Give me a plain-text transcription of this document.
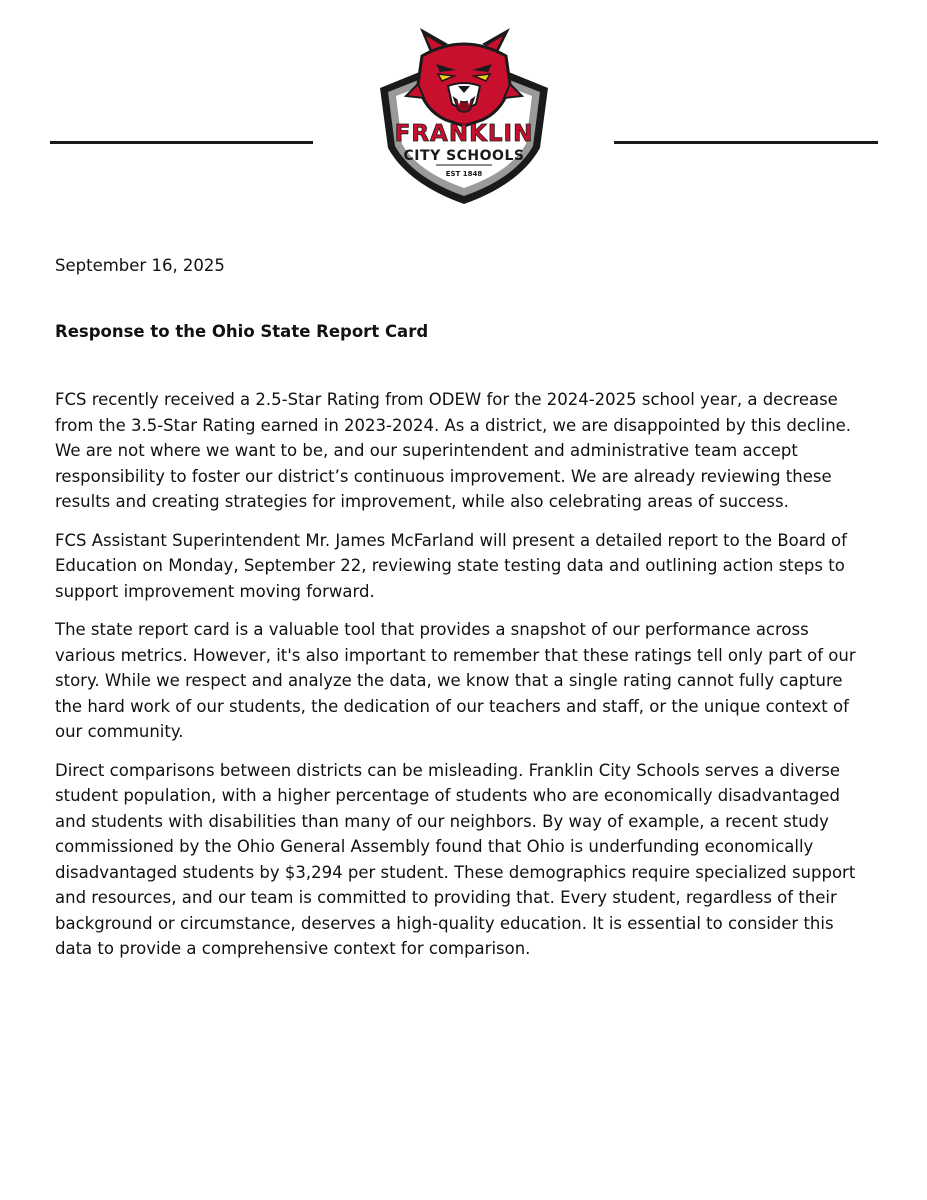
FRANKLIN
CITY SCHOOLS
EST 1848

September 16, 2025

Response to the Ohio State Report Card

FCS recently received a 2.5-Star Rating from ODEW for the 2024-2025 school year, a decrease from the 3.5-Star Rating earned in 2023-2024. As a district, we are disappointed by this decline. We are not where we want to be, and our superintendent and administrative team accept responsibility to foster our district’s continuous improvement. We are already reviewing these results and creating strategies for improvement, while also celebrating areas of success.

FCS Assistant Superintendent Mr. James McFarland will present a detailed report to the Board of Education on Monday, September 22, reviewing state testing data and outlining action steps to support improvement moving forward.

The state report card is a valuable tool that provides a snapshot of our performance across various metrics. However, it's also important to remember that these ratings tell only part of our story. While we respect and analyze the data, we know that a single rating cannot fully capture the hard work of our students, the dedication of our teachers and staff, or the unique context of our community.

Direct comparisons between districts can be misleading. Franklin City Schools serves a diverse student population, with a higher percentage of students who are economically disadvantaged and students with disabilities than many of our neighbors. By way of example, a recent study commissioned by the Ohio General Assembly found that Ohio is underfunding economically disadvantaged students by $3,294 per student. These demographics require specialized support and resources, and our team is committed to providing that. Every student, regardless of their background or circumstance, deserves a high-quality education. It is essential to consider this data to provide a comprehensive context for comparison.
